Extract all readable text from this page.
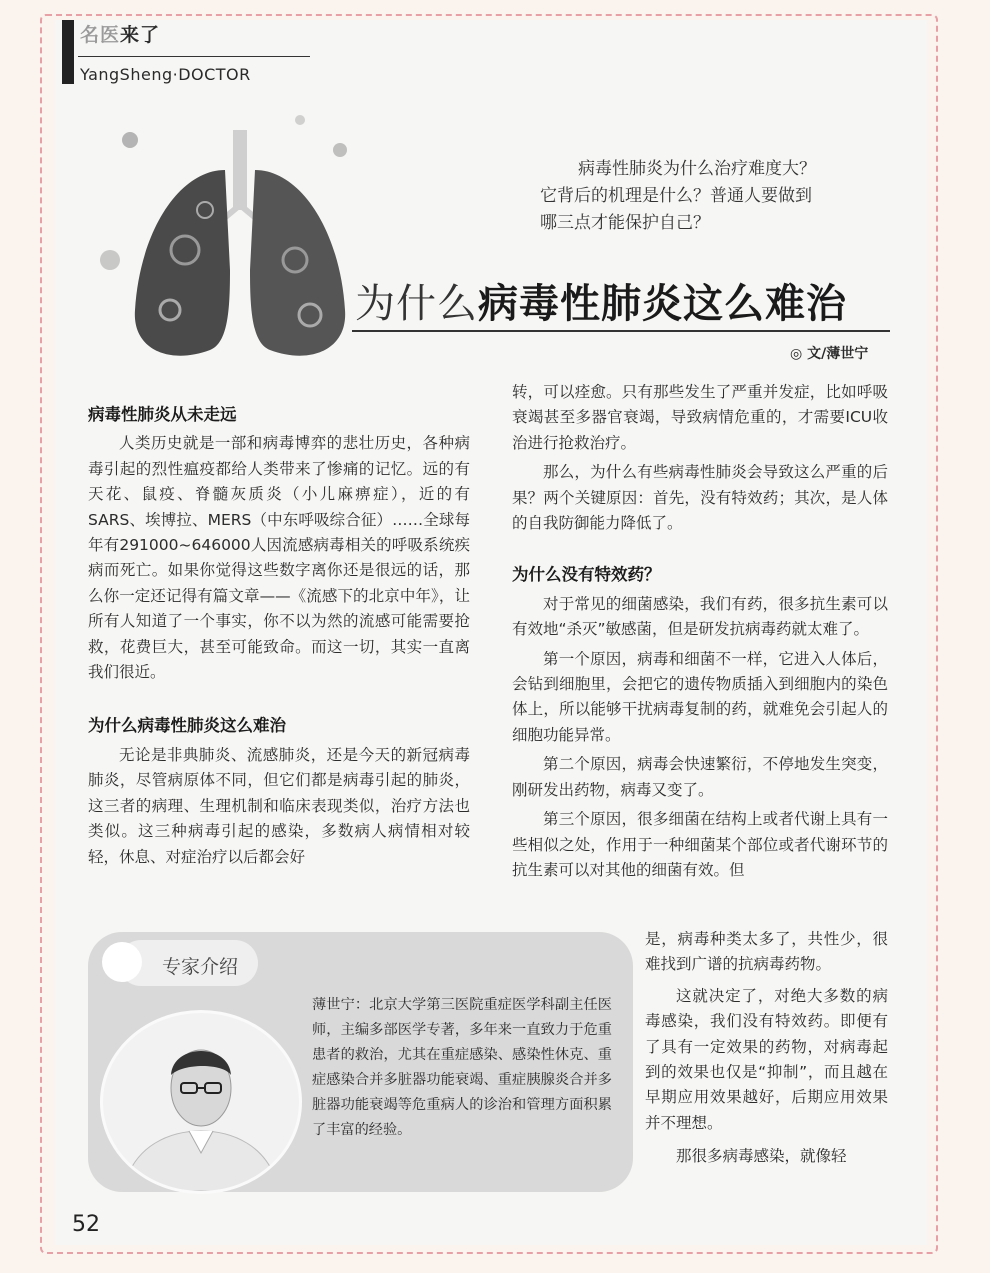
名医来了
YangSheng·DOCTOR
病毒性肺炎为什么治疗难度大？
它背后的机理是什么？普通人要做到
哪三点才能保护自己？
为什么病毒性肺炎这么难治
◎ 文/薄世宁
病毒性肺炎从未走远

人类历史就是一部和病毒博弈的悲壮历史，各种病毒引起的烈性瘟疫都给人类带来了惨痛的记忆。远的有天花、鼠疫、脊髓灰质炎（小儿麻痹症），近的有SARS、埃博拉、MERS（中东呼吸综合征）……全球每年有291000~646000人因流感病毒相关的呼吸系统疾病而死亡。如果你觉得这些数字离你还是很远的话，那么你一定还记得有篇文章——《流感下的北京中年》，让所有人知道了一个事实，你不以为然的流感可能需要抢救，花费巨大，甚至可能致命。而这一切，其实一直离我们很近。

为什么病毒性肺炎这么难治

无论是非典肺炎、流感肺炎，还是今天的新冠病毒肺炎，尽管病原体不同，但它们都是病毒引起的肺炎，这三者的病理、生理机制和临床表现类似，治疗方法也类似。这三种病毒引起的感染，多数病人病情相对较轻，休息、对症治疗以后都会好

转，可以痊愈。只有那些发生了严重并发症，比如呼吸衰竭甚至多器官衰竭，导致病情危重的，才需要ICU收治进行抢救治疗。

那么，为什么有些病毒性肺炎会导致这么严重的后果？两个关键原因：首先，没有特效药；其次，是人体的自我防御能力降低了。

为什么没有特效药？

对于常见的细菌感染，我们有药，很多抗生素可以有效地“杀灭”敏感菌，但是研发抗病毒药就太难了。

第一个原因，病毒和细菌不一样，它进入人体后，会钻到细胞里，会把它的遗传物质插入到细胞内的染色体上，所以能够干扰病毒复制的药，就难免会引起人的细胞功能异常。

第二个原因，病毒会快速繁衍，不停地发生突变，刚研发出药物，病毒又变了。

第三个原因，很多细菌在结构上或者代谢上具有一些相似之处，作用于一种细菌某个部位或者代谢环节的抗生素可以对其他的细菌有效。但

是，病毒种类太多了，共性少，很难找到广谱的抗病毒药物。

这就决定了，对绝大多数的病毒感染，我们没有特效药。即便有了具有一定效果的药物，对病毒起到的效果也仅是“抑制”，而且越在早期应用效果越好，后期应用效果并不理想。

那很多病毒感染，就像轻

专家介绍
薄世宁：北京大学第三医院重症医学科副主任医师，主编多部医学专著，多年来一直致力于危重患者的救治，尤其在重症感染、感染性休克、重症感染合并多脏器功能衰竭、重症胰腺炎合并多脏器功能衰竭等危重病人的诊治和管理方面积累了丰富的经验。
52
